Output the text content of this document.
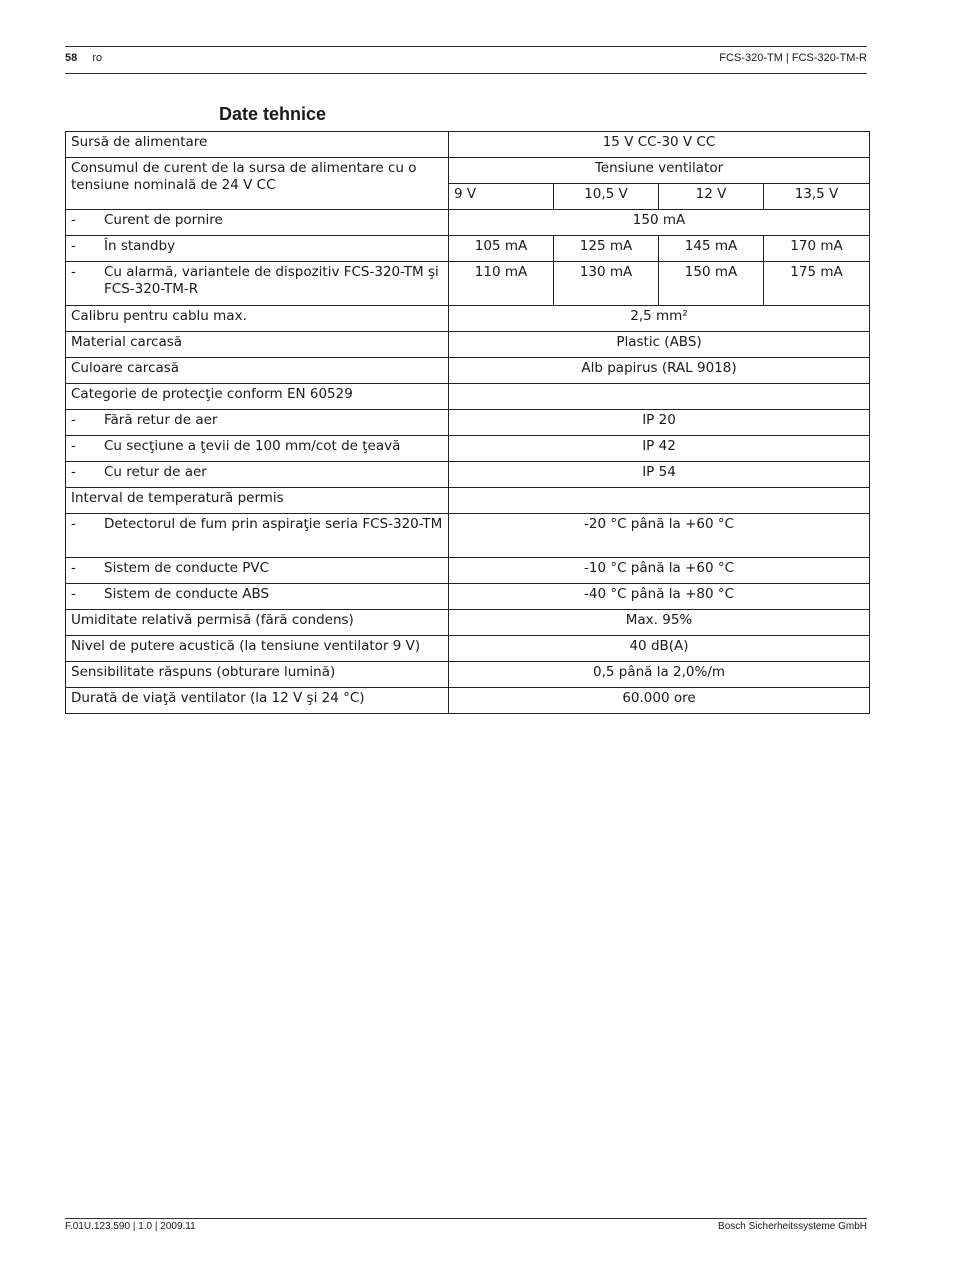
58 ro	FCS-320-TM | FCS-320-TM-R
Date tehnice
Sursă de alimentare	15 V CC-30 V CC			
Consumul de curent de la sursa de alimentare cu o tensiune nominală de 24 V CC	Tensiune ventilator			
	9 V	10,5 V	12 V	13,5 V

- Curent de pornire	150 mA			

- În standby	105 mA	125 mA	145 mA	170 mA

- Cu alarmă, variantele de dispozitiv FCS-320-TM şi FCS-320-TM-R	110 mA	130 mA	150 mA	175 mA
Calibru pentru cablu max.	2,5 mm²			
Material carcasă	Plastic (ABS)			
Culoare carcasă	Alb papirus (RAL 9018)			
Categorie de protecţie conform EN 60529				

- Fără retur de aer	IP 20			

- Cu secţiune a ţevii de 100 mm/cot de ţeavă	IP 42			

- Cu retur de aer	IP 54			
Interval de temperatură permis				

- Detectorul de fum prin aspiraţie seria FCS-320-TM	-20 °C până la +60 °C			

- Sistem de conducte PVC	-10 °C până la +60 °C			

- Sistem de conducte ABS	-40 °C până la +80 °C			
Umiditate relativă permisă (fără condens)	Max. 95%			
Nivel de putere acustică (la tensiune ventilator 9 V)	40 dB(A)			
Sensibilitate răspuns (obturare lumină)	0,5 până la 2,0%/m			
Durată de viaţă ventilator (la 12 V şi 24 °C)	60.000 ore			
F.01U.123.590 | 1.0 | 2009.11	Bosch Sicherheitssysteme GmbH
